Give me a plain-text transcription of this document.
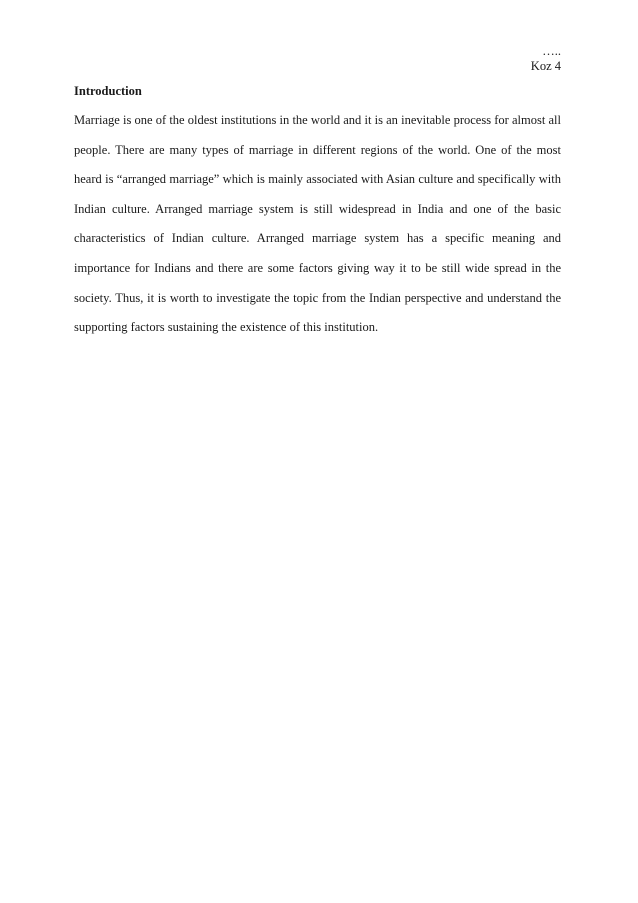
…..
Koz 4
Introduction

Marriage is one of the oldest institutions in the world and it is an inevitable process for almost all people. There are many types of marriage in different regions of the world. One of the most heard is “arranged marriage” which is mainly associated with Asian culture and specifically with Indian culture. Arranged marriage system is still widespread in India and one of the basic characteristics of Indian culture. Arranged marriage system has a specific meaning and importance for Indians and there are some factors giving way it to be still wide spread in the society. Thus, it is worth to investigate the topic from the Indian perspective and understand the supporting factors sustaining the existence of this institution.
